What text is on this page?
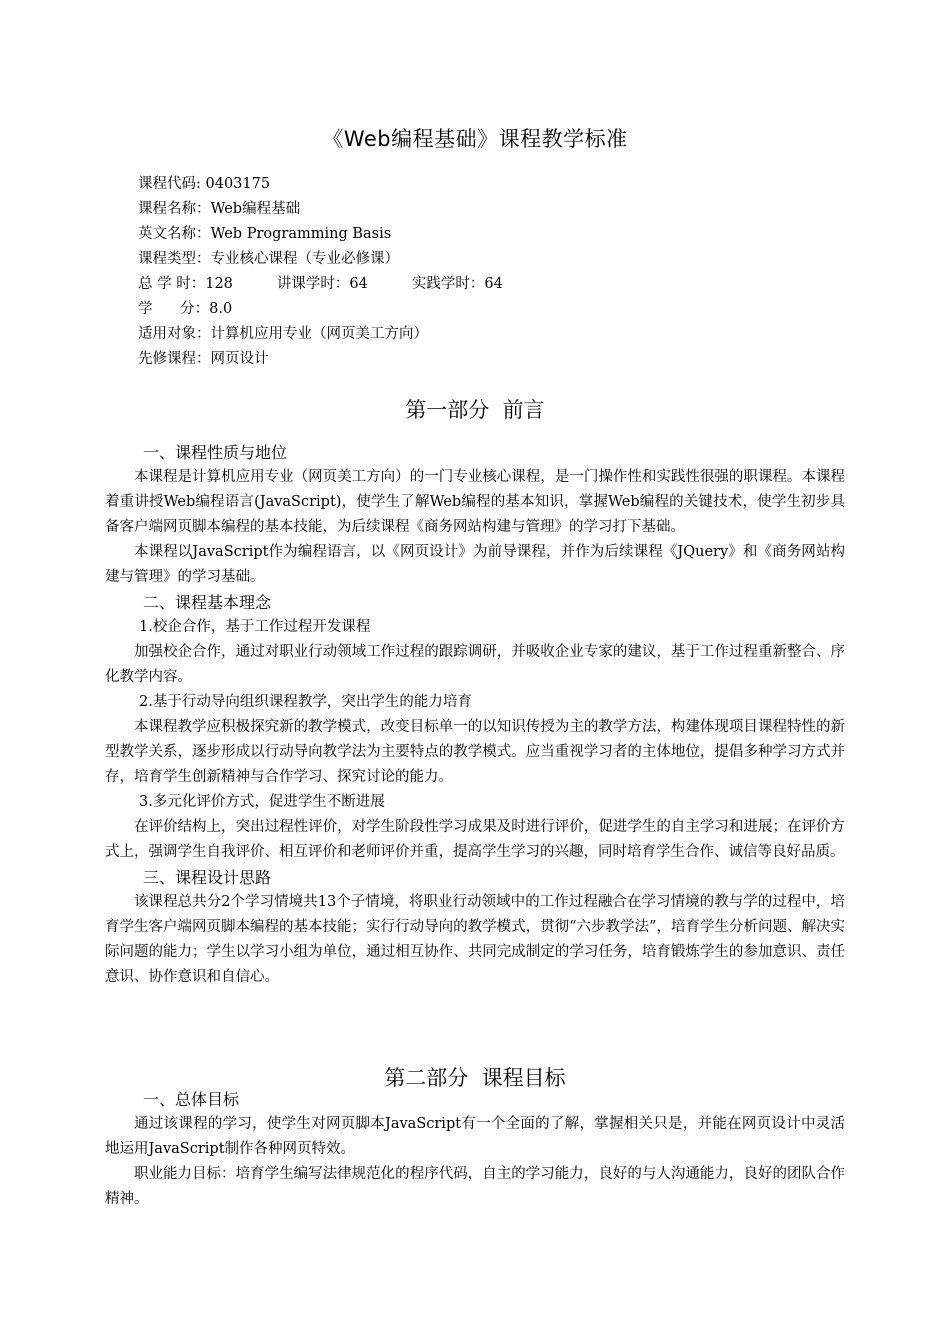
《Web编程基础》课程教学标准
课程代码: 0403175
课程名称：Web编程基础
英文名称：Web Programming Basis
课程类型：专业核心课程（专业必修课）
总 学 时：128	讲课学时：64	实践学时：64
学      分：8.0
适用对象：计算机应用专业（网页美工方向）
先修课程：网页设计
第一部分  前言
一、课程性质与地位

本课程是计算机应用专业（网页美工方向）的一门专业核心课程，是一门操作性和实践性很强的职课程。本课程着重讲授Web编程语言(JavaScript)，使学生了解Web编程的基本知识，掌握Web编程的关键技术，使学生初步具备客户端网页脚本编程的基本技能，为后续课程《商务网站构建与管理》的学习打下基础。

本课程以JavaScript作为编程语言，以《网页设计》为前导课程，并作为后续课程《JQuery》和《商务网站构建与管理》的学习基础。

二、课程基本理念
1.校企合作，基于工作过程开发课程

加强校企合作，通过对职业行动领域工作过程的跟踪调研，并吸收企业专家的建议，基于工作过程重新整合、序化教学内容。

2.基于行动导向组织课程教学，突出学生的能力培育

本课程教学应积极探究新的教学模式，改变目标单一的以知识传授为主的教学方法，构建体现项目课程特性的新型教学关系，逐步形成以行动导向教学法为主要特点的教学模式。应当重视学习者的主体地位，提倡多种学习方式并存，培育学生创新精神与合作学习、探究讨论的能力。

3.多元化评价方式，促进学生不断进展

在评价结构上，突出过程性评价，对学生阶段性学习成果及时进行评价，促进学生的自主学习和进展；在评价方式上，强调学生自我评价、相互评价和老师评价并重，提高学生学习的兴趣，同时培育学生合作、诚信等良好品质。

三、课程设计思路

该课程总共分2个学习情境共13个子情境，将职业行动领域中的工作过程融合在学习情境的教与学的过程中，培育学生客户端网页脚本编程的基本技能；实行行动导向的教学模式，贯彻“六步教学法”，培育学生分析问题、解决实际问题的能力；学生以学习小组为单位，通过相互协作、共同完成制定的学习任务，培育锻炼学生的参加意识、责任意识、协作意识和自信心。

第二部分  课程目标
一、总体目标

通过该课程的学习，使学生对网页脚本JavaScript有一个全面的了解，掌握相关只是，并能在网页设计中灵活地运用JavaScript制作各种网页特效。

职业能力目标：培育学生编写法律规范化的程序代码，自主的学习能力，良好的与人沟通能力，良好的团队合作精神。
